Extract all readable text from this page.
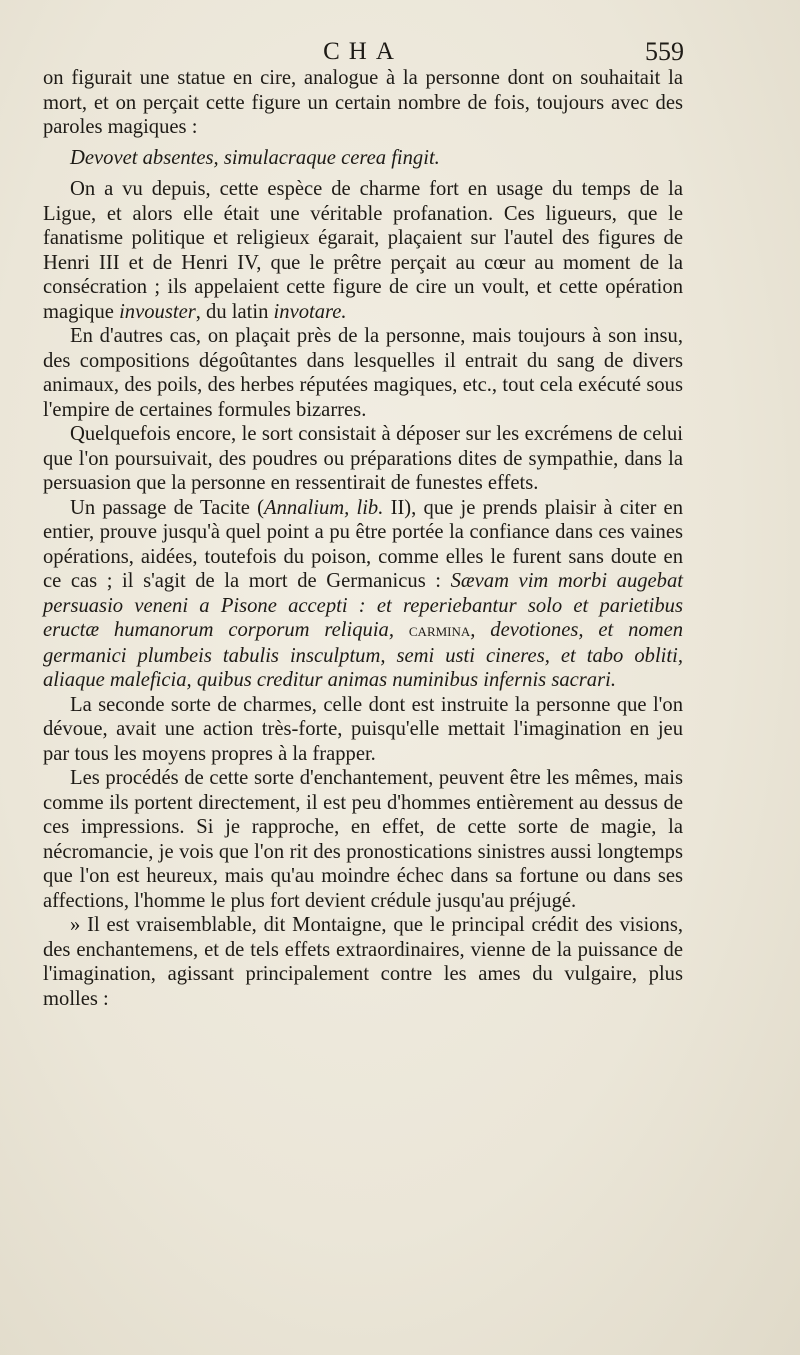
CHA	559

on figurait une statue en cire, analogue à la personne dont on souhaitait la mort, et on perçait cette figure un certain nombre de fois, toujours avec des paroles magiques :

Devovet absentes, simulacraque cerea fingit.

On a vu depuis, cette espèce de charme fort en usage du temps de la Ligue, et alors elle était une véritable profanation. Ces ligueurs, que le fanatisme politique et religieux égarait, plaçaient sur l'autel des figures de Henri III et de Henri IV, que le prêtre perçait au cœur au moment de la consécration ; ils appelaient cette figure de cire un voult, et cette opération magique invouster, du latin invotare.

En d'autres cas, on plaçait près de la personne, mais toujours à son insu, des compositions dégoûtantes dans lesquelles il entrait du sang de divers animaux, des poils, des herbes réputées magiques, etc., tout cela exécuté sous l'empire de certaines formules bizarres.

Quelquefois encore, le sort consistait à déposer sur les excrémens de celui que l'on poursuivait, des poudres ou préparations dites de sympathie, dans la persuasion que la personne en ressentirait de funestes effets.

Un passage de Tacite (Annalium, lib. II), que je prends plaisir à citer en entier, prouve jusqu'à quel point a pu être portée la confiance dans ces vaines opérations, aidées, toutefois du poison, comme elles le furent sans doute en ce cas ; il s'agit de la mort de Germanicus : Sævam vim morbi augebat persuasio veneni a Pisone accepti : et reperiebantur solo et parietibus eructæ humanorum corporum reliquia, carmina, devotiones, et nomen germanici plumbeis tabulis insculptum, semi usti cineres, et tabo obliti, aliaque maleficia, quibus creditur animas numinibus infernis sacrari.

La seconde sorte de charmes, celle dont est instruite la personne que l'on dévoue, avait une action très-forte, puisqu'elle mettait l'imagination en jeu par tous les moyens propres à la frapper.

Les procédés de cette sorte d'enchantement, peuvent être les mêmes, mais comme ils portent directement, il est peu d'hommes entièrement au dessus de ces impressions. Si je rapproche, en effet, de cette sorte de magie, la nécromancie, je vois que l'on rit des pronostications sinistres aussi longtemps que l'on est heureux, mais qu'au moindre échec dans sa fortune ou dans ses affections, l'homme le plus fort devient crédule jusqu'au préjugé.

» Il est vraisemblable, dit Montaigne, que le principal crédit des visions, des enchantemens, et de tels effets extraordinaires, vienne de la puissance de l'imagination, agissant principalement contre les ames du vulgaire, plus molles :
